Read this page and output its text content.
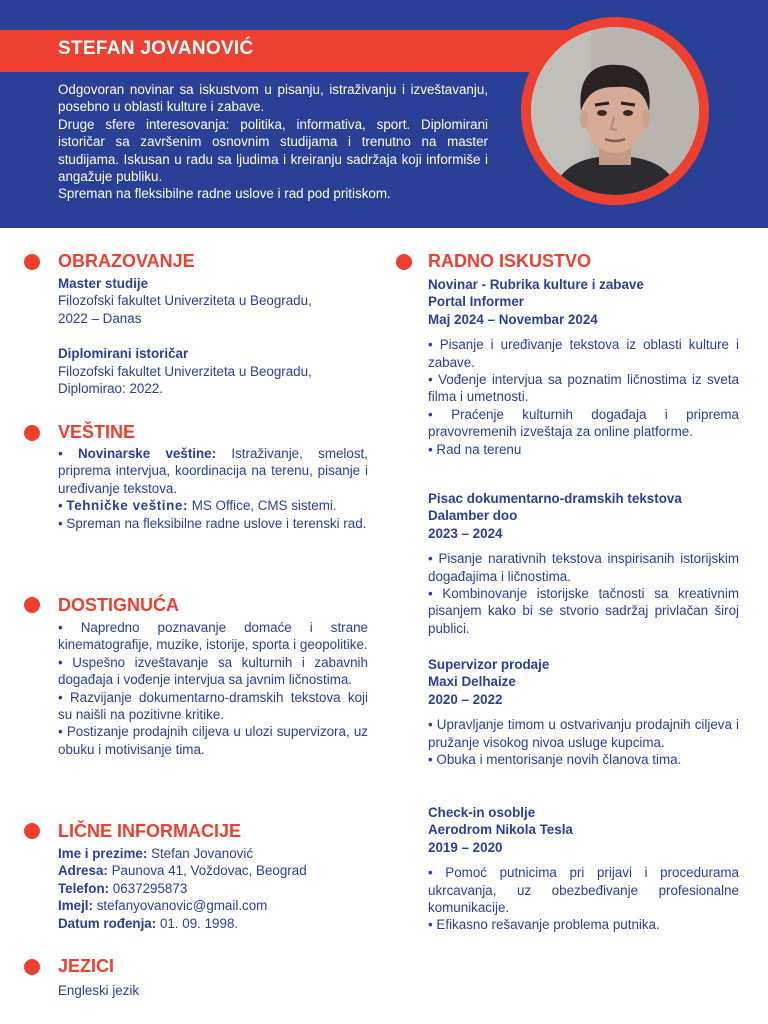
STEFAN JOVANOVIĆ

Odgovoran novinar sa iskustvom u pisanju, istraživanju i izveštavanju, posebno u oblasti kulture i zabave.

Druge sfere interesovanja: politika, informativa, sport. Diplomirani istoričar sa završenim osnovnim studijama i trenutno na master studijama. Iskusan u radu sa ljudima i kreiranju sadržaja koji informiše i angažuje publiku.

Spreman na fleksibilne radne uslove i rad pod pritiskom.

OBRAZOVANJE

Master studije

Filozofski fakultet Univerziteta u Beogradu,

2022 – Danas

Diplomirani istoričar

Filozofski fakultet Univerziteta u Beogradu,

Diplomirao: 2022.

VEŠTINE

• Novinarske veštine: Istraživanje, smelost, priprema intervjua, koordinacija na terenu, pisanje i uređivanje tekstova.

• Tehničke veštine: MS Office, CMS sistemi.

• Spreman na fleksibilne radne uslove i terenski rad.

DOSTIGNUĆA

• Napredno poznavanje domaće i strane kinematografije, muzike, istorije, sporta i geopolitike.

• Uspešno izveštavanje sa kulturnih i zabavnih događaja i vođenje intervjua sa javnim ličnostima.

• Razvijanje dokumentarno-dramskih tekstova koji su naišli na pozitivne kritike.

• Postizanje prodajnih ciljeva u ulozi supervizora, uz obuku i motivisanje tima.

LIČNE INFORMACIJE

Ime i prezime: Stefan Jovanović

Adresa: Paunova 41, Voždovac, Beograd

Telefon: 0637295873

Imejl: stefanyovanovic@gmail.com

Datum rođenja: 01. 09. 1998.

JEZICI

Engleski jezik

RADNO ISKUSTVO

Novinar - Rubrika kulture i zabave

Portal Informer

Maj 2024 – Novembar 2024

• Pisanje i uređivanje tekstova iz oblasti kulture i zabave.

• Vođenje intervjua sa poznatim ličnostima iz sveta filma i umetnosti.

• Praćenje kulturnih događaja i priprema pravovremenih izveštaja za online platforme.

• Rad na terenu

Pisac dokumentarno-dramskih tekstova

Dalamber doo

2023 – 2024

• Pisanje narativnih tekstova inspirisanih istorijskim događajima i ličnostima.

• Kombinovanje istorijske tačnosti sa kreativnim pisanjem kako bi se stvorio sadržaj privlačan široj publici.

Supervizor prodaje

Maxi Delhaize

2020 – 2022

• Upravljanje timom u ostvarivanju prodajnih ciljeva i pružanje visokog nivoa usluge kupcima.

• Obuka i mentorisanje novih članova tima.

Check-in osoblje

Aerodrom Nikola Tesla

2019 – 2020

• Pomoć putnicima pri prijavi i procedurama ukrcavanja, uz obezbeđivanje profesionalne komunikacije.

• Efikasno rešavanje problema putnika.
